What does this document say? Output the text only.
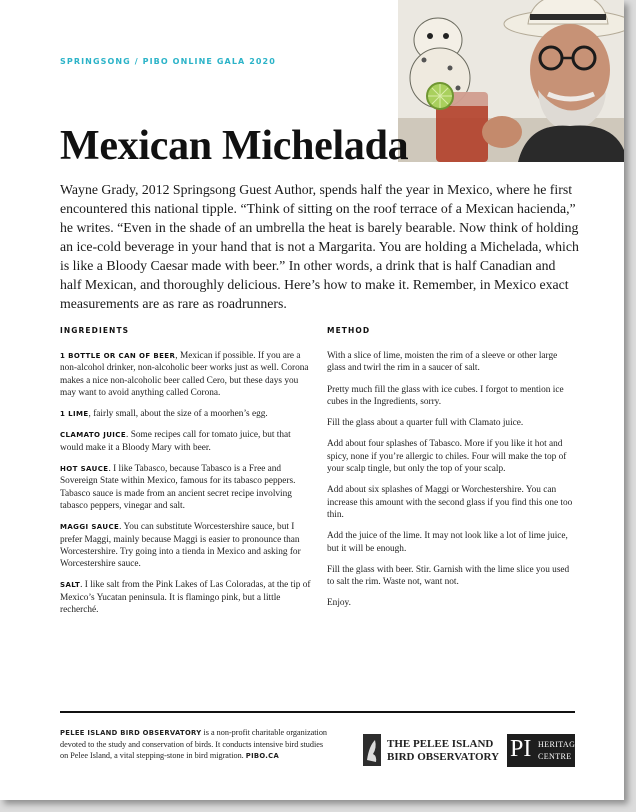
SPRINGSONG / PIBO ONLINE GALA 2020
Mexican Michelada

Wayne Grady, 2012 Springsong Guest Author, spends half the year in Mexico, where he first encountered this national tipple. “Think of sitting on the roof terrace of a Mexican hacienda,” he writes. “Even in the shade of an umbrella the heat is barely bearable. Now think of holding an ice-cold beverage in your hand that is not a Margarita. You are holding a Michelada, which is like a Bloody Caesar made with beer.” In other words, a drink that is half Canadian and half Mexican, and thoroughly delicious. Here’s how to make it. Remember, in Mexico exact measurements are as rare as roadrunners.

INGREDIENTS	METHOD

1 BOTTLE OR CAN OF BEER, Mexican if possible. If you are a non-alcohol drinker, non-alcoholic beer works just as well. Corona makes a nice non-alcoholic beer called Cero, but these days you may want to avoid anything called Corona.

1 LIME, fairly small, about the size of a moorhen’s egg.

CLAMATO JUICE. Some recipes call for tomato juice, but that would make it a Bloody Mary with beer.

HOT SAUCE. I like Tabasco, because Tabasco is a Free and Sovereign State within Mexico, famous for its tabasco peppers. Tabasco sauce is made from an ancient secret recipe involving tabasco peppers, vinegar and salt.

MAGGI SAUCE. You can substitute Worcestershire sauce, but I prefer Maggi, mainly because Maggi is easier to pronounce than Worcestershire. Try going into a tienda in Mexico and asking for Worcestershire sauce.

SALT. I like salt from the Pink Lakes of Las Coloradas, at the tip of Mexico’s Yucatan peninsula. It is flamingo pink, but a little recherché.

With a slice of lime, moisten the rim of a sleeve or other large glass and twirl the rim in a saucer of salt.

Pretty much fill the glass with ice cubes. I forgot to mention ice cubes in the Ingredients, sorry.

Fill the glass about a quarter full with Clamato juice.

Add about four splashes of Tabasco. More if you like it hot and spicy, none if you’re allergic to chiles. Four will make the top of your scalp tingle, but only the top of your scalp.

Add about six splashes of Maggi or Worchestershire. You can increase this amount with the second glass if you find this one too thin.

Add the juice of the lime. It may not look like a lot of lime juice, but it will be enough.

Fill the glass with beer. Stir. Garnish with the lime slice you used to salt the rim. Waste not, want not.

Enjoy.

PELEE ISLAND BIRD OBSERVATORY is a non-profit charitable organization devoted to the study and conservation of birds. It conducts intensive bird studies on Pelee Island, a vital stepping-stone in bird migration. PIBO.CA

THE PELEE ISLAND
BIRD OBSERVATORY PI HERITAGE
CENTRE
